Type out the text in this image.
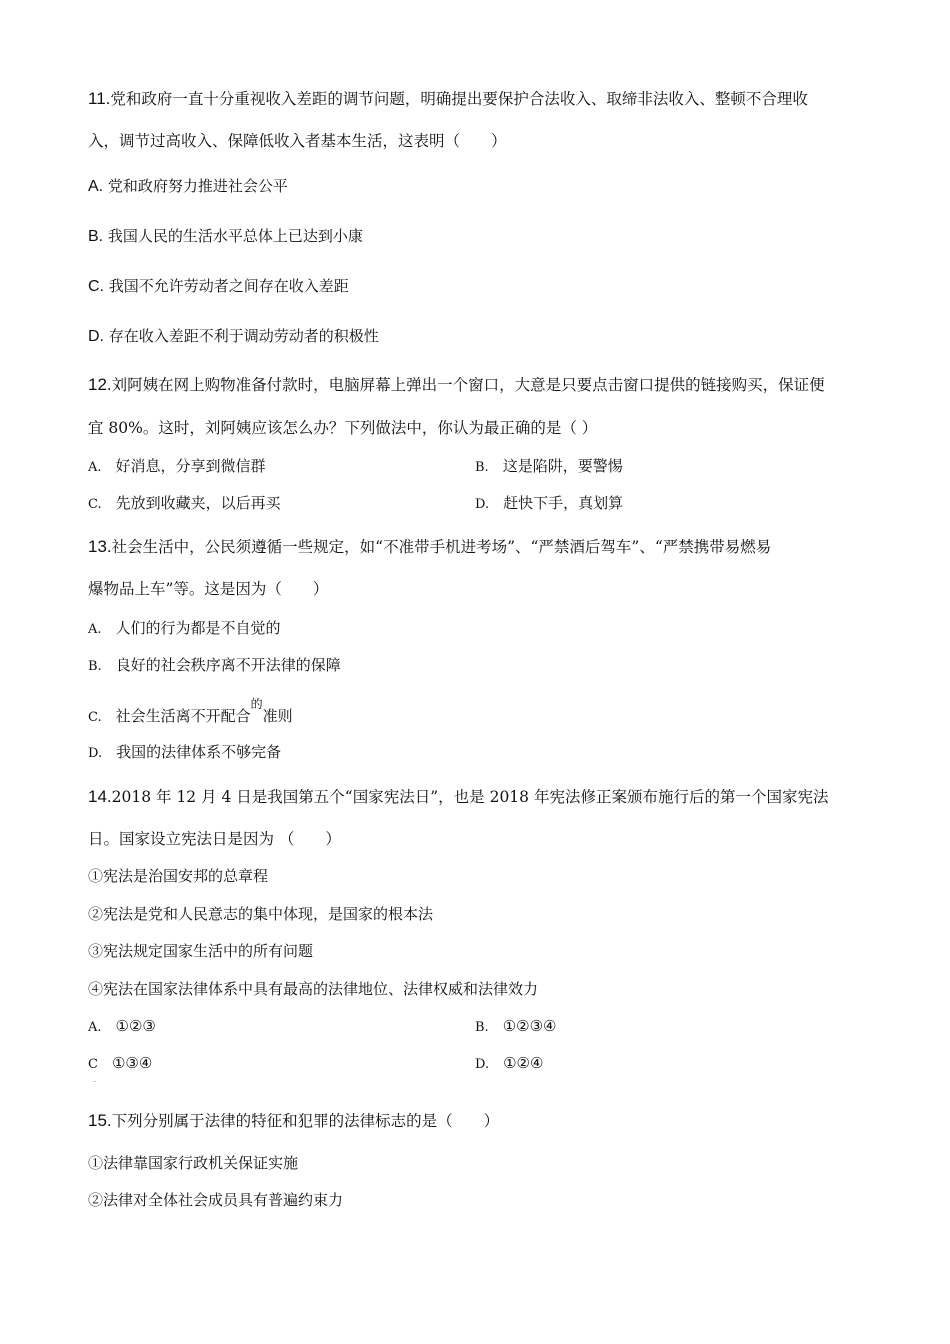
11.党和政府一直十分重视收入差距的调节问题，明确提出要保护合法收入、取缔非法收入、整顿不合理收
入，调节过高收入、保障低收入者基本生活，这表明（　　）
A. 党和政府努力推进社会公平
B. 我国人民的生活水平总体上已达到小康
C. 我国不允许劳动者之间存在收入差距
D. 存在收入差距不利于调动劳动者的积极性
12.刘阿姨在网上购物准备付款时，电脑屏幕上弹出一个窗口，大意是只要点击窗口提供的链接购买，保证便
宜 80%。这时，刘阿姨应该怎么办？下列做法中，你认为最正确的是（ ）
A. 好消息，分享到微信群	B. 这是陷阱，要警惕
C. 先放到收藏夹，以后再买	D. 赶快下手，真划算
13.社会生活中，公民须遵循一些规定，如“不准带手机进考场”、“严禁酒后驾车”、“严禁携带易燃易
爆物品上车”等。这是因为（　　）
A. 人们的行为都是不自觉的
B. 良好的社会秩序离不开法律的保障
C. 社会生活离不开配合$^的$准则
D. 我国的法律体系不够完备
14.2018 年 12 月 4 日是我国第五个“国家宪法日”，也是 2018 年宪法修正案颁布施行后的第一个国家宪法
日。国家设立宪法日是因为 （　　）
①宪法是治国安邦的总章程
②宪法是党和人民意志的集中体现，是国家的根本法
③宪法规定国家生活中的所有问题
④宪法在国家法律体系中具有最高的法律地位、法律权威和法律效力
A. ①②③	B. ①②③④
C ①③④	D. ①②④
.
15.下列分别属于法律的特征和犯罪的法律标志的是（　　）
①法律靠国家行政机关保证实施
②法律对全体社会成员具有普遍约束力
